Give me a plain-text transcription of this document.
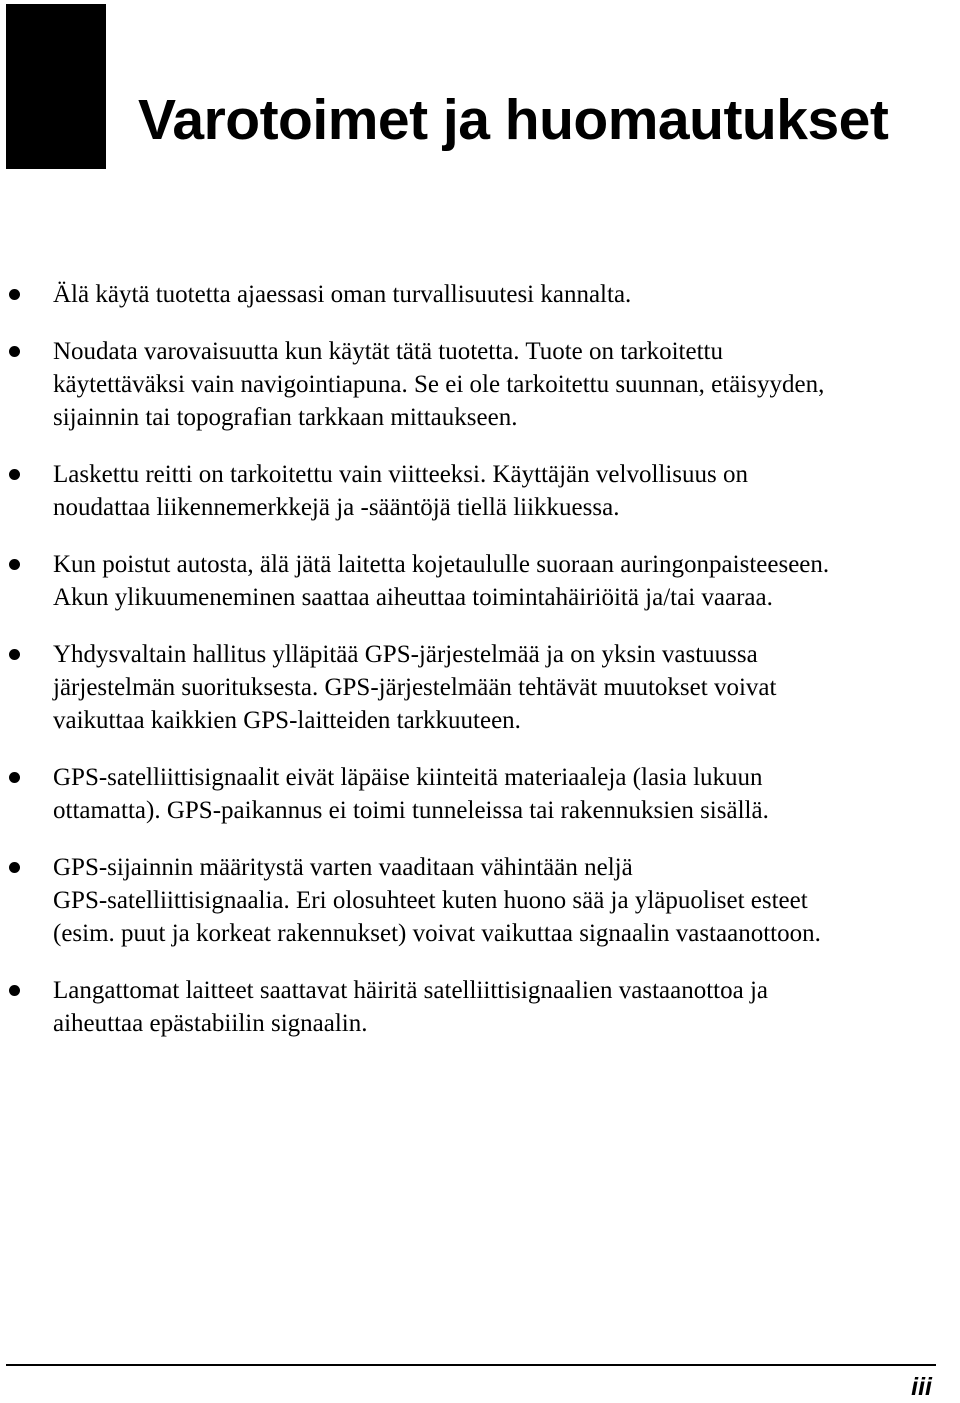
Varotoimet ja huomautukset
Älä käytä tuotetta ajaessasi oman turvallisuutesi kannalta.
Noudata varovaisuutta kun käytät tätä tuotetta. Tuote on tarkoitettu
käytettäväksi vain navigointiapuna. Se ei ole tarkoitettu suunnan, etäisyyden,
sijainnin tai topografian tarkkaan mittaukseen.
Laskettu reitti on tarkoitettu vain viitteeksi. Käyttäjän velvollisuus on
noudattaa liikennemerkkejä ja -sääntöjä tiellä liikkuessa.
Kun poistut autosta, älä jätä laitetta kojetaululle suoraan auringonpaisteeseen.
Akun ylikuumeneminen saattaa aiheuttaa toimintahäiriöitä ja/tai vaaraa.
Yhdysvaltain hallitus ylläpitää GPS-järjestelmää ja on yksin vastuussa
järjestelmän suorituksesta. GPS-järjestelmään tehtävät muutokset voivat
vaikuttaa kaikkien GPS-laitteiden tarkkuuteen.
GPS-satelliittisignaalit eivät läpäise kiinteitä materiaaleja (lasia lukuun
ottamatta). GPS-paikannus ei toimi tunneleissa tai rakennuksien sisällä.
GPS-sijainnin määritystä varten vaaditaan vähintään neljä
GPS-satelliittisignaalia. Eri olosuhteet kuten huono sää ja yläpuoliset esteet
(esim. puut ja korkeat rakennukset) voivat vaikuttaa signaalin vastaanottoon.
Langattomat laitteet saattavat häiritä satelliittisignaalien vastaanottoa ja
aiheuttaa epästabiilin signaalin.
iii
